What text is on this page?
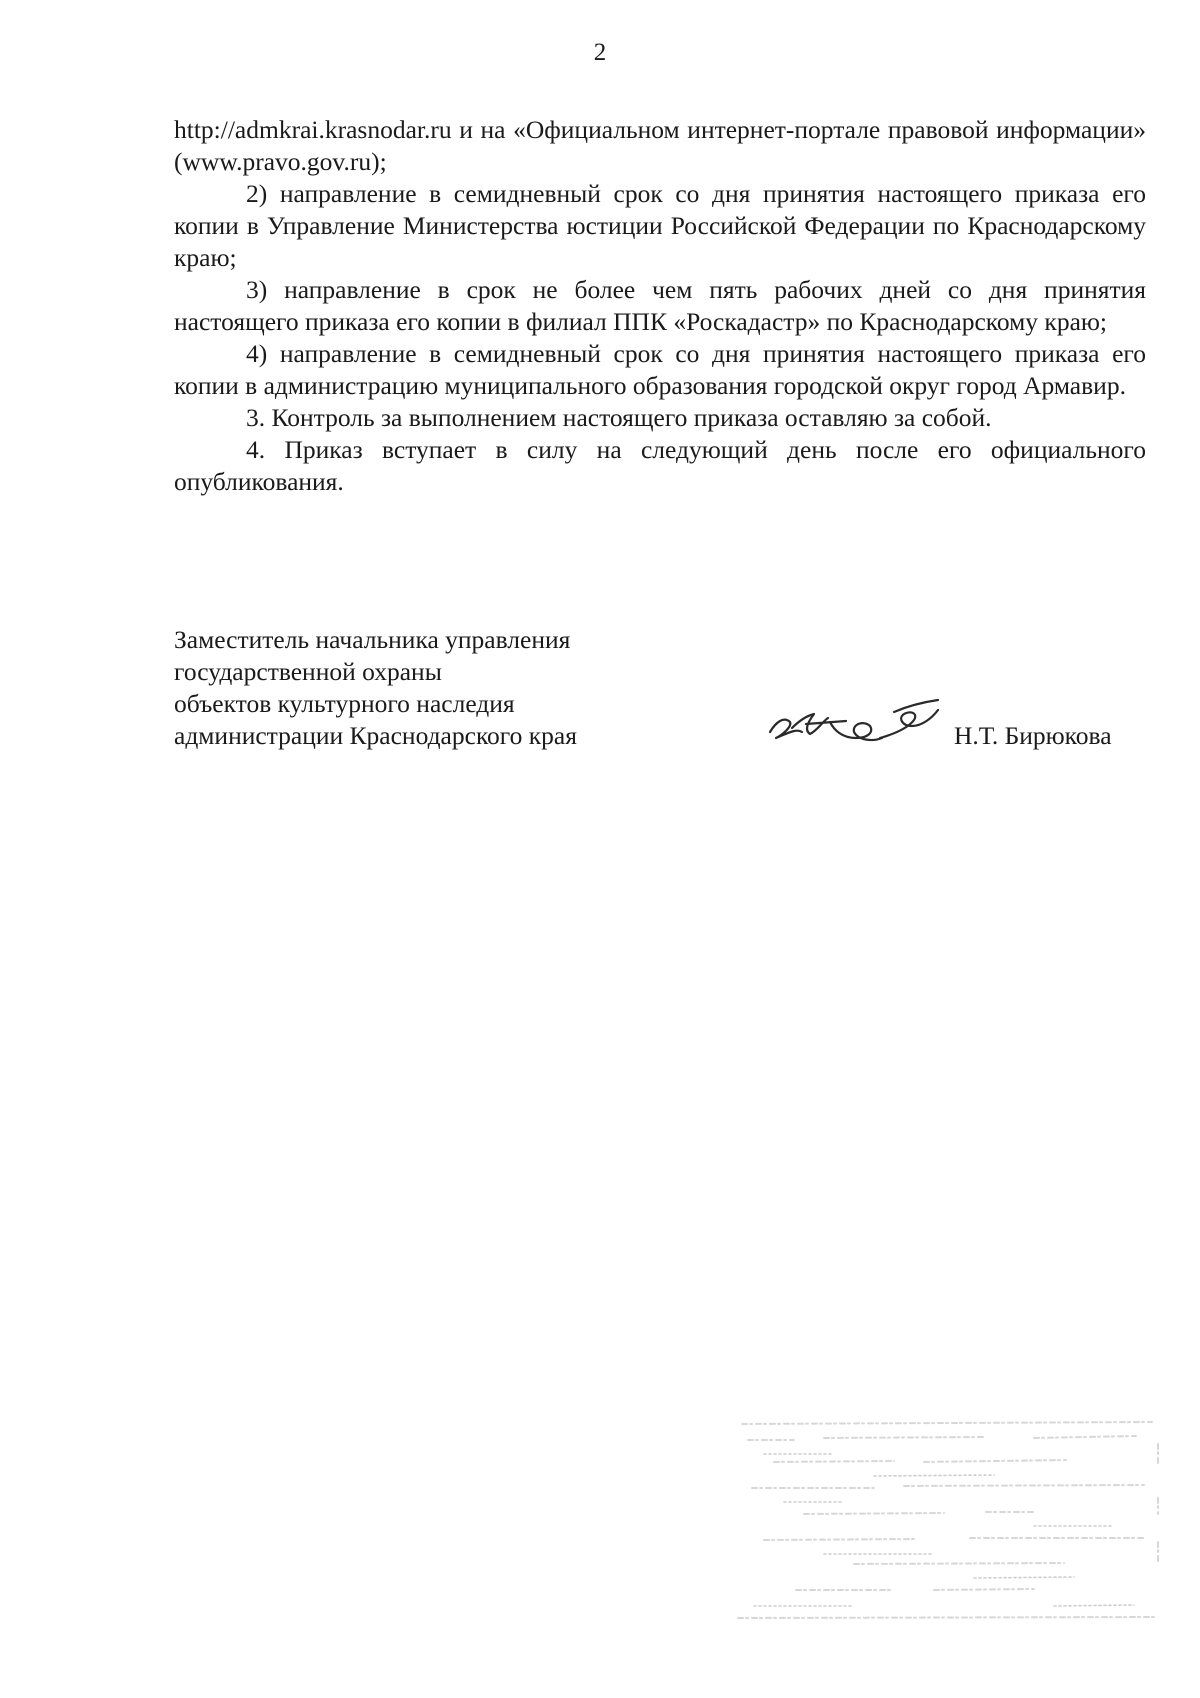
2

http://admkrai.krasnodar.ru и на «Официальном интернет-портале правовой информации» (www.pravo.gov.ru);

2) направление в семидневный срок со дня принятия настоящего приказа его копии в Управление Министерства юстиции Российской Федерации по Краснодарскому краю;

3) направление в срок не более чем пять рабочих дней со дня принятия настоящего приказа его копии в филиал ППК «Роскадастр» по Краснодарскому краю;

4) направление в семидневный срок со дня принятия настоящего приказа его копии в администрацию муниципального образования городской округ город Армавир.

3. Контроль за выполнением настоящего приказа оставляю за собой.

4. Приказ вступает в силу на следующий день после его официального опубликования.

Заместитель начальника управления
государственной охраны
объектов культурного наследия
администрации Краснодарского края	Н.Т. Бирюкова
